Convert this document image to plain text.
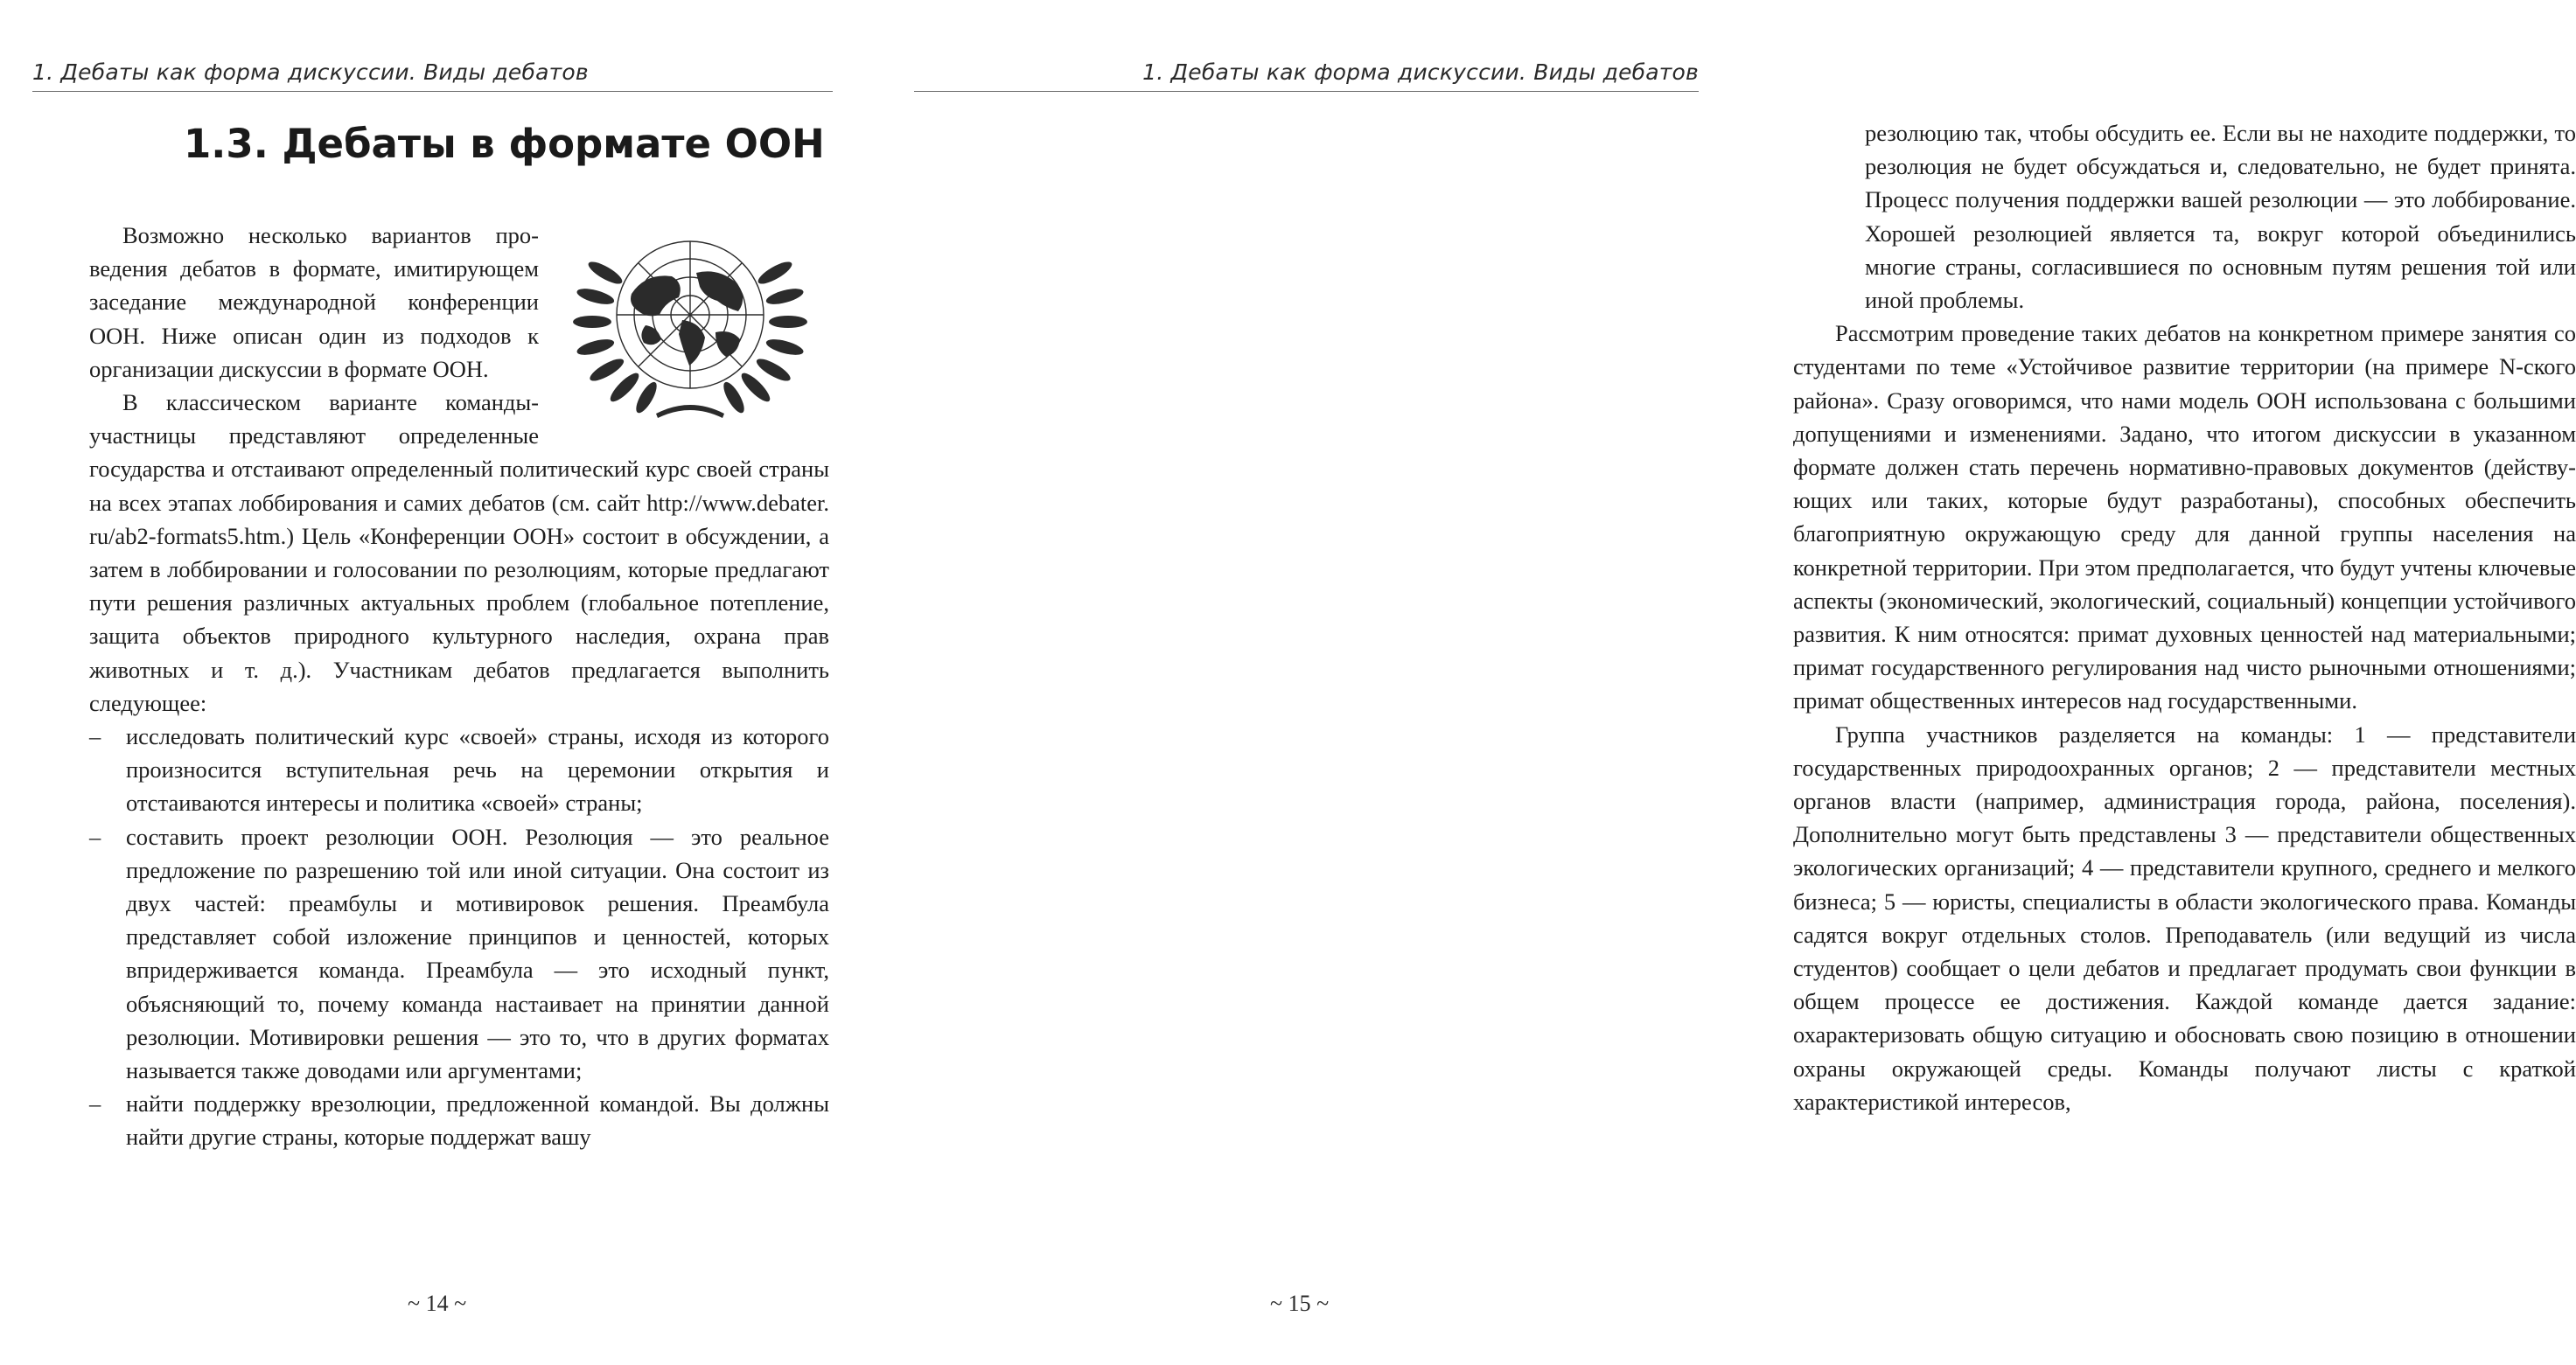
1. Дебаты как форма дискуссии. Виды дебатов
1.3. Дебаты в формате ООН

Возможно несколько вариантов проведения дебатов в формате, имитирующем заседание международной конференции ООН. Ниже описан один из подходов к организации дискуссии в формате ООН.

В классическом варианте команды-участницы представляют определенные государства и отстаивают определенный политический курс своей страны на всех этапах лоббирования и самих дебатов (см. сайт http://www.debater.​ru/ab2-formats5.htm.) Цель «Конференции ООН» состоит в обсуждении, а затем в лоббировании и голосовании по резолюциям, которые предлагают пути решения различных актуальных проблем (глобальное потепление, защита объектов природного культурного наследия, охрана прав животных и т. д.). Участникам дебатов предлагается выполнить следующее:

–	исследовать политический курс «своей» страны, исходя из которого произносится вступительная речь на церемонии открытия и отстаиваются интересы и политика «своей» страны;
–	составить проект резолюции ООН. Резолюция — это реальное предложение по разрешению той или иной ситуации. Она состоит из двух частей: преамбулы и мотивировок решения. Преамбула представляет собой изложение принципов и ценностей, которых впридерживается команда. Преамбула — это исходный пункт, объясняющий то, почему команда настаивает на принятии данной резолюции. Мотивировки решения — это то, что в других форматах называется также доводами или аргументами;
–	найти поддержку врезолюции, предложенной командой. Вы должны найти другие страны, которые поддержат вашу
~ 14 ~
1. Дебаты как форма дискуссии. Виды дебатов

резолюцию так, чтобы обсудить ее. Если вы не находите поддержки, то резолюция не будет обсуждаться и, следовательно, не будет принята. Процесс получения поддержки вашей резолюции — это лоббирование. Хорошей резолюцией является та, вокруг которой объединились многие страны, согласившиеся по основным путям решения той или иной проблемы.

Рассмотрим проведение таких дебатов на конкретном примере занятия со студентами по теме «Устойчивое развитие территории (на примере N-ского района». Сразу оговоримся, что нами модель ООН использована с большими допущениями и изменениями. Задано, что итогом дискуссии в указанном формате должен стать перечень нормативно-правовых документов (действующих или таких, которые будут разработаны), способных обеспечить благоприятную окружающую среду для данной группы населения на конкретной территории. При этом предполагается, что будут учтены ключевые аспекты (экономический, экологический, социальный) концепции устойчивого развития. К ним относятся: примат духовных ценностей над материальными; примат государственного регулирования над чисто рыночными отношениями; примат общественных интересов над государственными.

Группа участников разделяется на команды: 1 — представители государственных природоохранных органов; 2 — представители местных органов власти (например, администрация города, района, поселения). Дополнительно могут быть представлены 3 — представители общественных экологических организаций; 4 — представители крупного, среднего и мелкого бизнеса; 5 — юристы, специалисты в области экологического права. Команды садятся вокруг отдельных столов. Преподаватель (или ведущий из числа студентов) сообщает о цели дебатов и предлагает продумать свои функции в общем процессе ее достижения. Каждой команде дается задание: охарактеризовать общую ситуацию и обосновать свою позицию в отношении охраны окружающей среды. Команды получают листы с краткой характеристикой интересов,

~ 15 ~
